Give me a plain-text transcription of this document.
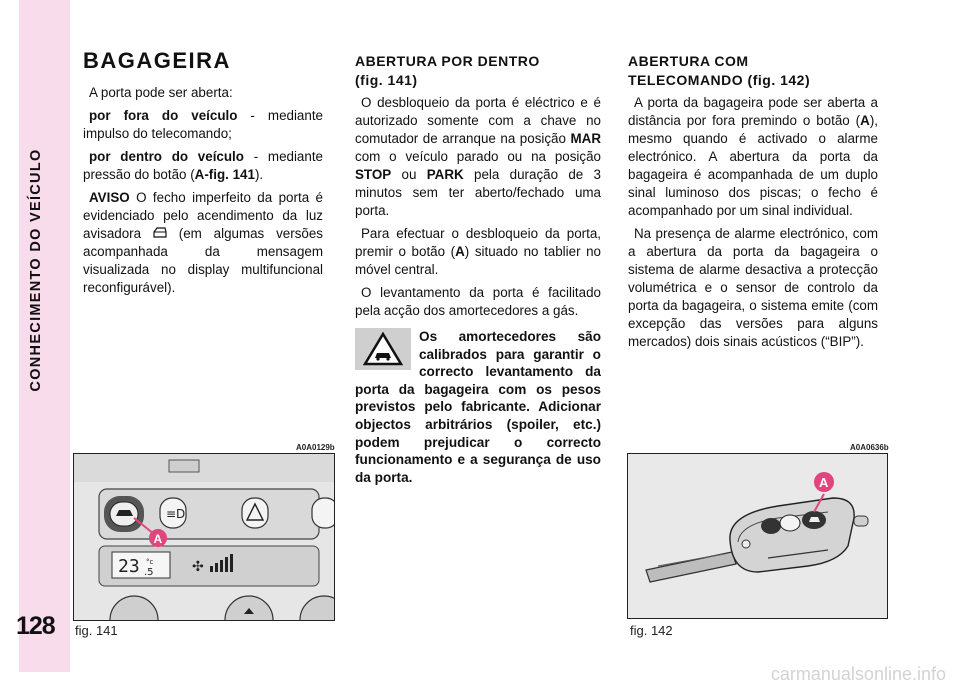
CONHECIMENTO DO VEÍCULO
128
BAGAGEIRA

A porta pode ser aberta:

por fora do veículo - mediante impulso do telecomando;

por dentro do veículo - mediante pressão do botão (A-fig. 141).

AVISO O fecho imperfeito da porta é evidenciado pelo acendimento da luz avisadora  (em algumas versões acompanhada da mensagem visualizada no display multifuncional reconfigurável).

ABERTURA POR DENTRO
(fig. 141)

O desbloqueio da porta é eléctrico e é autorizado somente com a chave no comutador de arranque na posição MAR com o veículo parado ou na posição STOP ou PARK pela duração de 3 minutos sem ter aberto/fechado uma porta.

Para efectuar o desbloqueio da porta, premir o botão (A) situado no tablier no móvel central.

O levantamento da porta é facilitado pela acção dos amortecedores a gás.

Os amortecedores são calibrados para garantir o correcto levantamento da porta da bagageira com os pesos previstos pelo fabricante. Adicionar objectos arbitrários (spoiler, etc.) podem prejudicar o correcto funcionamento e a segurança de uso da porta.
ABERTURA COM
TELECOMANDO (fig. 142)

A porta da bagageira pode ser aberta a distância por fora premindo o botão (A), mesmo quando é activado o alarme electrónico. A abertura da porta da bagageira é acompanhada de um duplo sinal luminoso dos piscas; o fecho é acompanhado por um sinal individual.

Na presença de alarme electrónico, com a abertura da porta da bagageira o sistema de alarme desactiva a protecção volumétrica e o sensor de controlo da porta da bagageira, o sistema emite (com excepção das versões para alguns mercados) dois sinais acústicos (“BIP”).

A0A0129b
≡D
23 °c
.5	✣
A
fig. 141
A0A0636b
A
fig. 142
carmanualsonline.info
